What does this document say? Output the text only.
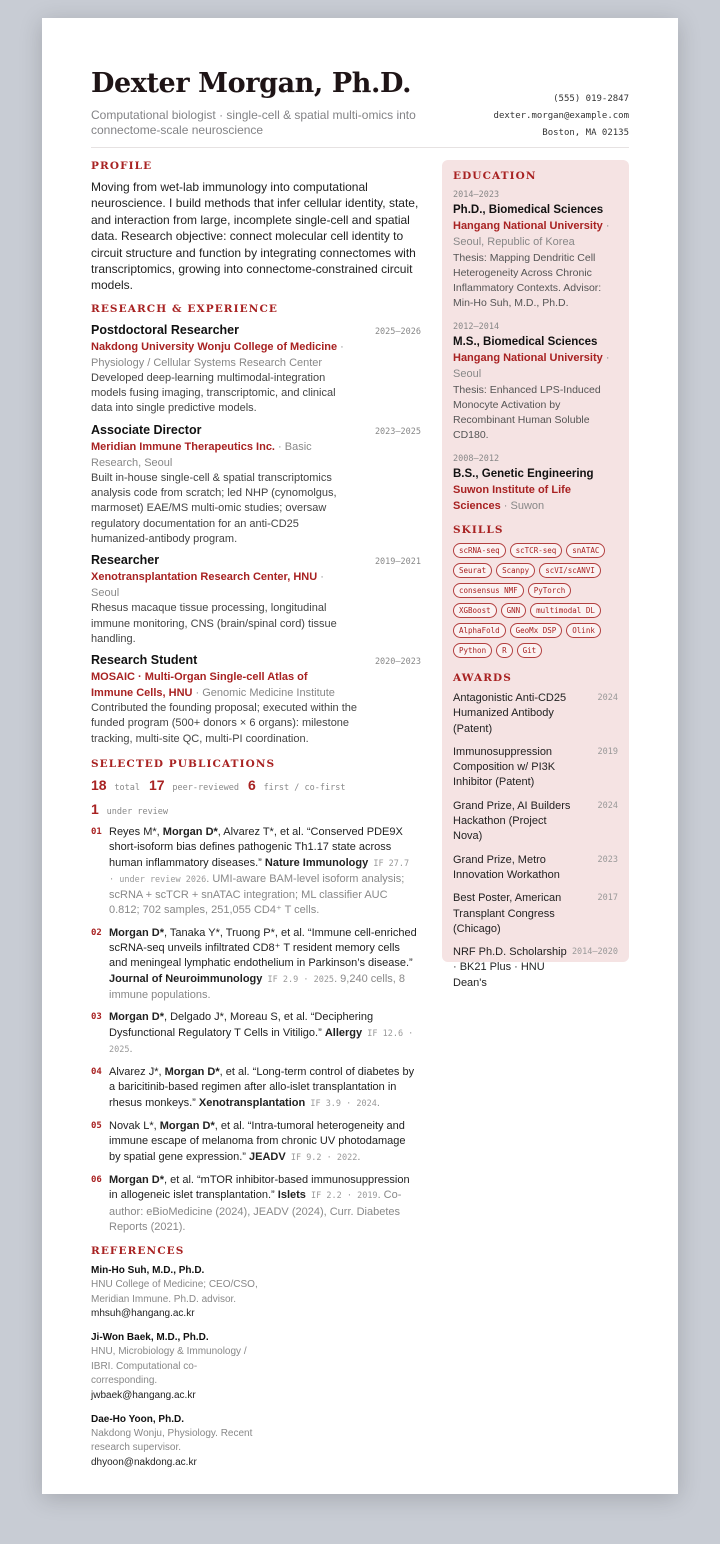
Dexter Morgan, Ph.D.
Computational biologist · single-cell & spatial multi-omics into connectome-scale neuroscience
(555) 019-2847
dexter.morgan@example.com
Boston, MA 02135
PROFILE
Moving from wet-lab immunology into computational neuroscience. I build methods that infer cellular identity, state, and interaction from large, incomplete single-cell and spatial data. Research objective: connect molecular cell identity to circuit structure and function by integrating connectomes with transcriptomics, growing into connectome-constrained circuit models.
RESEARCH & EXPERIENCE
Postdoctoral Researcher	2025–2026
Nakdong University Wonju College of Medicine · Physiology / Cellular Systems Research Center
Developed deep-learning multimodal-integration models fusing imaging, transcriptomic, and clinical data into single predictive models.
Associate Director	2023–2025
Meridian Immune Therapeutics Inc. · Basic Research, Seoul
Built in-house single-cell & spatial transcriptomics analysis code from scratch; led NHP (cynomolgus, marmoset) EAE/MS multi-omic studies; oversaw regulatory documentation for an anti-CD25 humanized-antibody program.
Researcher	2019–2021
Xenotransplantation Research Center, HNU · Seoul
Rhesus macaque tissue processing, longitudinal immune monitoring, CNS (brain/spinal cord) tissue handling.
Research Student	2020–2023
MOSAIC · Multi-Organ Single-cell Atlas of Immune Cells, HNU · Genomic Medicine Institute
Contributed the founding proposal; executed within the funded program (500+ donors × 6 organs): milestone tracking, multi-site QC, multi-PI coordination.
SELECTED PUBLICATIONS
18 total 17 peer-reviewed 6 first / co-first
1 under review
01 Reyes M*, Morgan D*, Alvarez T*, et al. “Conserved PDE9X short-isoform bias defines pathogenic Th1.17 state across human inflammatory diseases.” Nature Immunology IF 27.7 · under review 2026. UMI-aware BAM-level isoform analysis; scRNA + scTCR + snATAC integration; ML classifier AUC 0.812; 702 samples, 251,055 CD4⁺ T cells.
02 Morgan D*, Tanaka Y*, Truong P*, et al. “Immune cell-enriched scRNA-seq unveils infiltrated CD8⁺ T resident memory cells and meningeal lymphatic endothelium in Parkinson’s disease.” Journal of Neuroimmunology IF 2.9 · 2025. 9,240 cells, 8 immune populations.
03 Morgan D*, Delgado J*, Moreau S, et al. “Deciphering Dysfunctional Regulatory T Cells in Vitiligo.” Allergy IF 12.6 · 2025.
04 Alvarez J*, Morgan D*, et al. “Long-term control of diabetes by a baricitinib-based regimen after allo-islet transplantation in rhesus monkeys.” Xenotransplantation IF 3.9 · 2024.
05 Novak L*, Morgan D*, et al. “Intra-tumoral heterogeneity and immune escape of melanoma from chronic UV photodamage by spatial gene expression.” JEADV IF 9.2 · 2022.
06 Morgan D*, et al. “mTOR inhibitor-based immunosuppression in allogeneic islet transplantation.” Islets IF 2.2 · 2019. Co-author: eBioMedicine (2024), JEADV (2024), Curr. Diabetes Reports (2021).
REFERENCES
Min-Ho Suh, M.D., Ph.D.
HNU College of Medicine; CEO/CSO, Meridian Immune. Ph.D. advisor.
mhsuh@hangang.ac.kr
Ji-Won Baek, M.D., Ph.D.
HNU, Microbiology & Immunology / IBRI. Computational co-corresponding.
jwbaek@hangang.ac.kr
Dae-Ho Yoon, Ph.D.
Nakdong Wonju, Physiology. Recent research supervisor.
dhyoon@nakdong.ac.kr
EDUCATION
2014–2023
Ph.D., Biomedical Sciences
Hangang National University · Seoul, Republic of Korea
Thesis: Mapping Dendritic Cell Heterogeneity Across Chronic Inflammatory Contexts. Advisor: Min-Ho Suh, M.D., Ph.D.
2012–2014
M.S., Biomedical Sciences
Hangang National University · Seoul
Thesis: Enhanced LPS-Induced Monocyte Activation by Recombinant Human Soluble CD180.
2008–2012
B.S., Genetic Engineering
Suwon Institute of Life Sciences · Suwon
SKILLS
scRNA-seq	scTCR-seq	snATAC
Seurat	Scanpy	scVI/scANVI
consensus NMF	PyTorch
XGBoost	GNN	multimodal DL
AlphaFold	GeoMx DSP	Olink
Python	R	Git
AWARDS
Antagonistic Anti-CD25 Humanized Antibody (Patent)
2024
Immunosuppression Composition w/ PI3K Inhibitor (Patent)
2019
Grand Prize, AI Builders Hackathon (Project Nova)
2024
Grand Prize, Metro Innovation Workathon
2023
Best Poster, American Transplant Congress (Chicago)
2017
NRF Ph.D. Scholarship · BK21 Plus · HNU Dean's
2014–2020
